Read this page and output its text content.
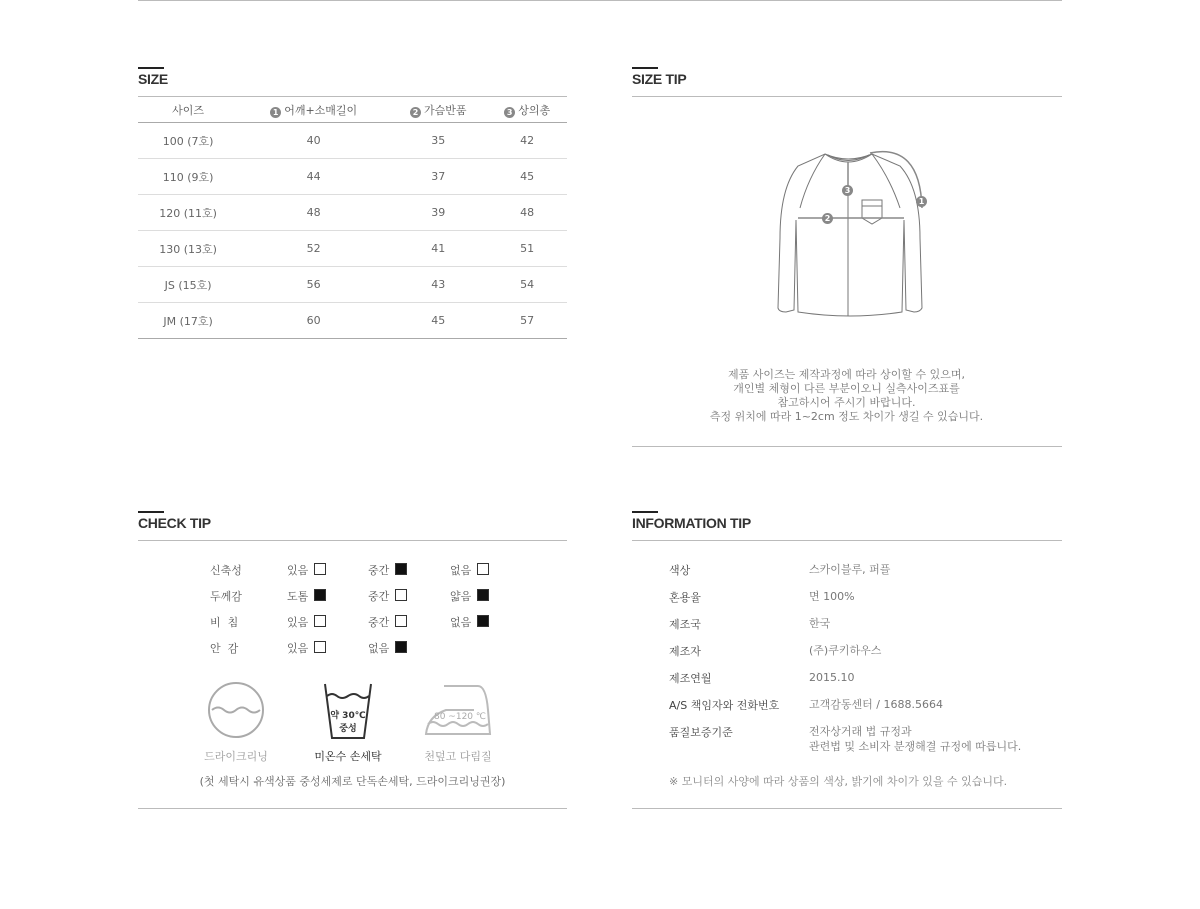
SIZE
사이즈	1 어깨+소매길이	2 가슴반품	3 상의총
100 (7호)	40	35	42
110 (9호)	44	37	45
120 (11호)	48	39	48
130 (13호)	52	41	51
JS (15호)	56	43	54
JM (17호)	60	45	57
SIZE TIP
1
2
3
제품 사이즈는 제작과정에 따라 상이할 수 있으며,
개인별 체형이 다른 부분이오니 실측사이즈표를
참고하시어 주시기 바랍니다.
측정 위치에 따라 1~2cm 정도 차이가 생길 수 있습니다.
CHECK TIP
신축성	있음	중간	없음
두께감	도톰	중간	얇음
비  침	있음	중간	없음
안  감	있음	없음
드라이크리닝
약 30℃
중성
미온수 손세탁
80 ~120 ℃
천덮고 다림질
(첫 세탁시 유색상품 중성세제로 단독손세탁, 드라이크리닝권장)
INFORMATION TIP
색상	스카이블루, 퍼플
혼용율	면 100%
제조국	한국
제조자	(주)쿠키하우스
제조연월	2015.10
A/S 책임자와 전화번호	고객감동센터 / 1688.5664
품질보증기준	전자상거래 법 규정과
관련법 및 소비자 분쟁해결 규정에 따릅니다.
※ 모니터의 사양에 따라 상품의 색상, 밝기에 차이가 있을 수 있습니다.
